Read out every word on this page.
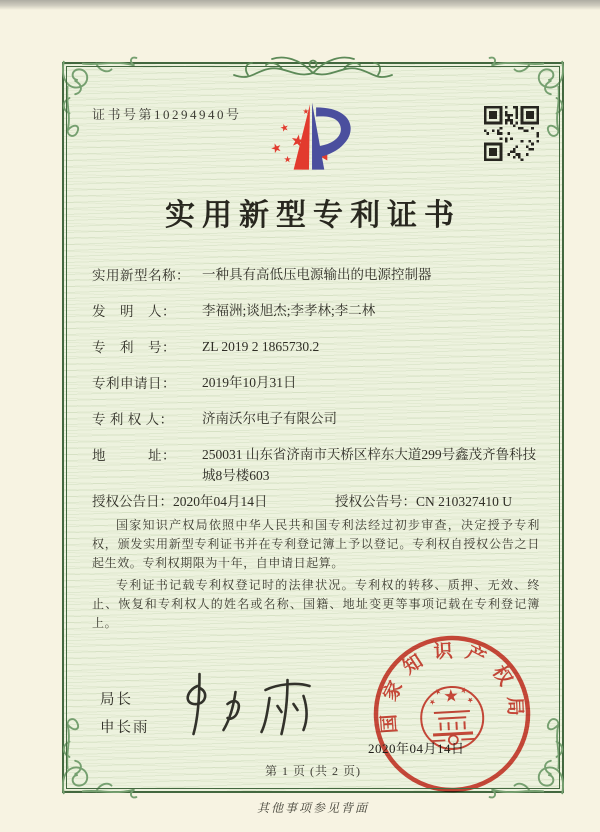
证书号第10294940号
实用新型专利证书
实用新型名称： 一种具有高低压电源输出的电源控制器
发　明　人：	李福洲;谈旭杰;李孝林;李二林
专　利　号：	ZL 2019 2 1865730.2
专利申请日：	2019年10月31日
专 利 权 人：	济南沃尔电子有限公司
地　　　址：	250031 山东省济南市天桥区梓东大道299号鑫茂齐鲁科技城8号楼603
授权公告日：2020年04月14日	授权公告号：CN 210327410 U

国家知识产权局依照中华人民共和国专利法经过初步审查，决定授予专利权，颁发实用新型专利证书并在专利登记簿上予以登记。专利权自授权公告之日起生效。专利权期限为十年，自申请日起算。

专利证书记载专利权登记时的法律状况。专利权的转移、质押、无效、终止、恢复和专利权人的姓名或名称、国籍、地址变更等事项记载在专利登记簿上。

局长
申长雨	国家知识产权局
2020年04月14日
第 1 页 (共 2 页)
其他事项参见背面
